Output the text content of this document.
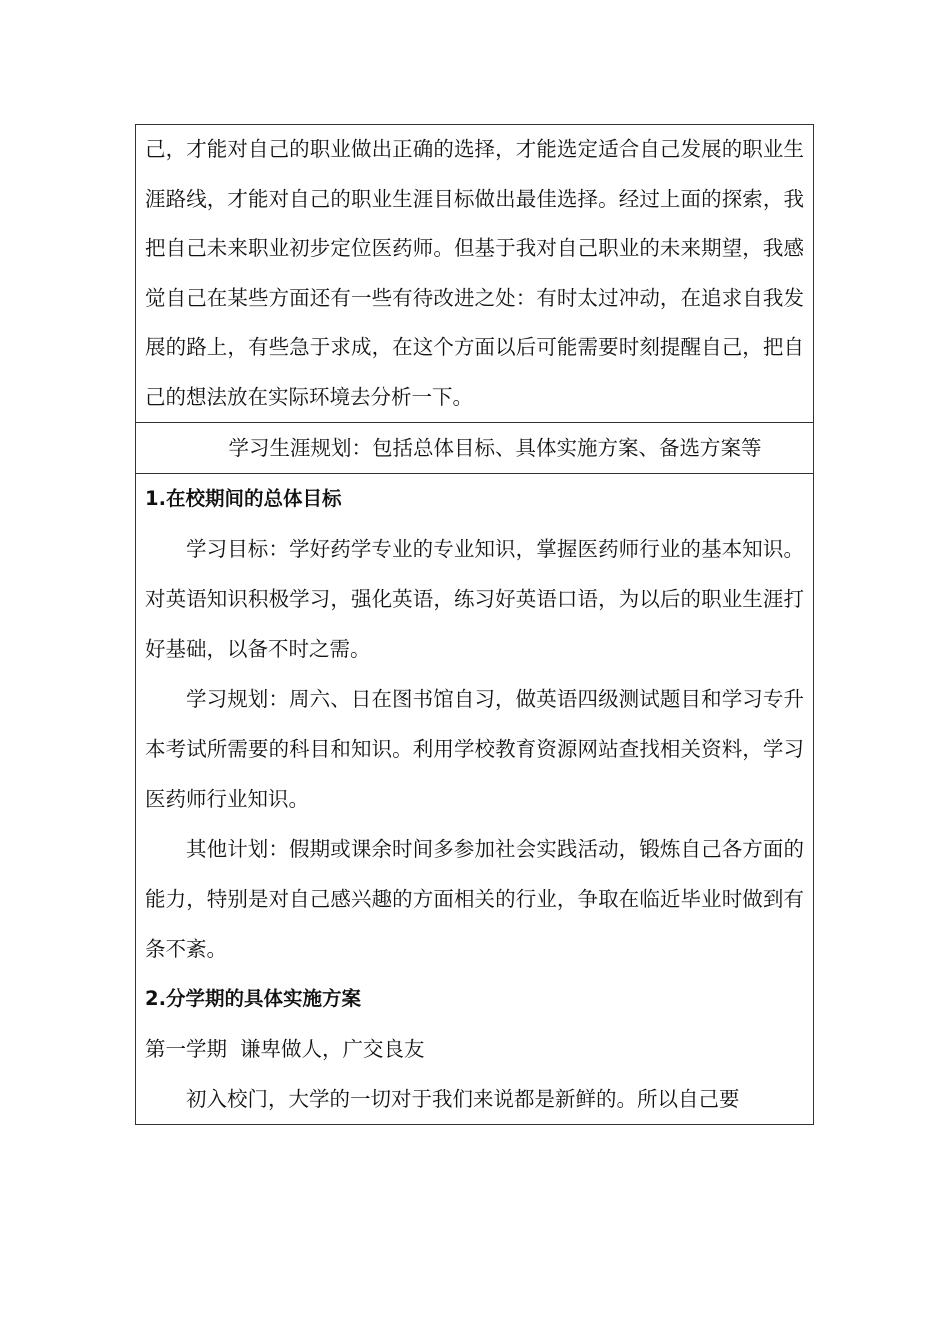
己，才能对自己的职业做出正确的选择，才能选定适合自己发展的职业生涯路线，才能对自己的职业生涯目标做出最佳选择。经过上面的探索，我把自己未来职业初步定位医药师。但基于我对自己职业的未来期望，我感觉自己在某些方面还有一些有待改进之处：有时太过冲动，在追求自我发展的路上，有些急于求成，在这个方面以后可能需要时刻提醒自己，把自己的想法放在实际环境去分析一下。

学习生涯规划：包括总体目标、具体实施方案、备选方案等

1.在校期间的总体目标

学习目标：学好药学专业的专业知识，掌握医药师行业的基本知识。对英语知识积极学习，强化英语，练习好英语口语，为以后的职业生涯打好基础，以备不时之需。

学习规划：周六、日在图书馆自习，做英语四级测试题目和学习专升本考试所需要的科目和知识。利用学校教育资源网站查找相关资料，学习医药师行业知识。

其他计划：假期或课余时间多参加社会实践活动，锻炼自己各方面的能力，特别是对自己感兴趣的方面相关的行业，争取在临近毕业时做到有条不紊。

2.分学期的具体实施方案

第一学期  谦卑做人，广交良友

初入校门，大学的一切对于我们来说都是新鲜的。所以自己要
